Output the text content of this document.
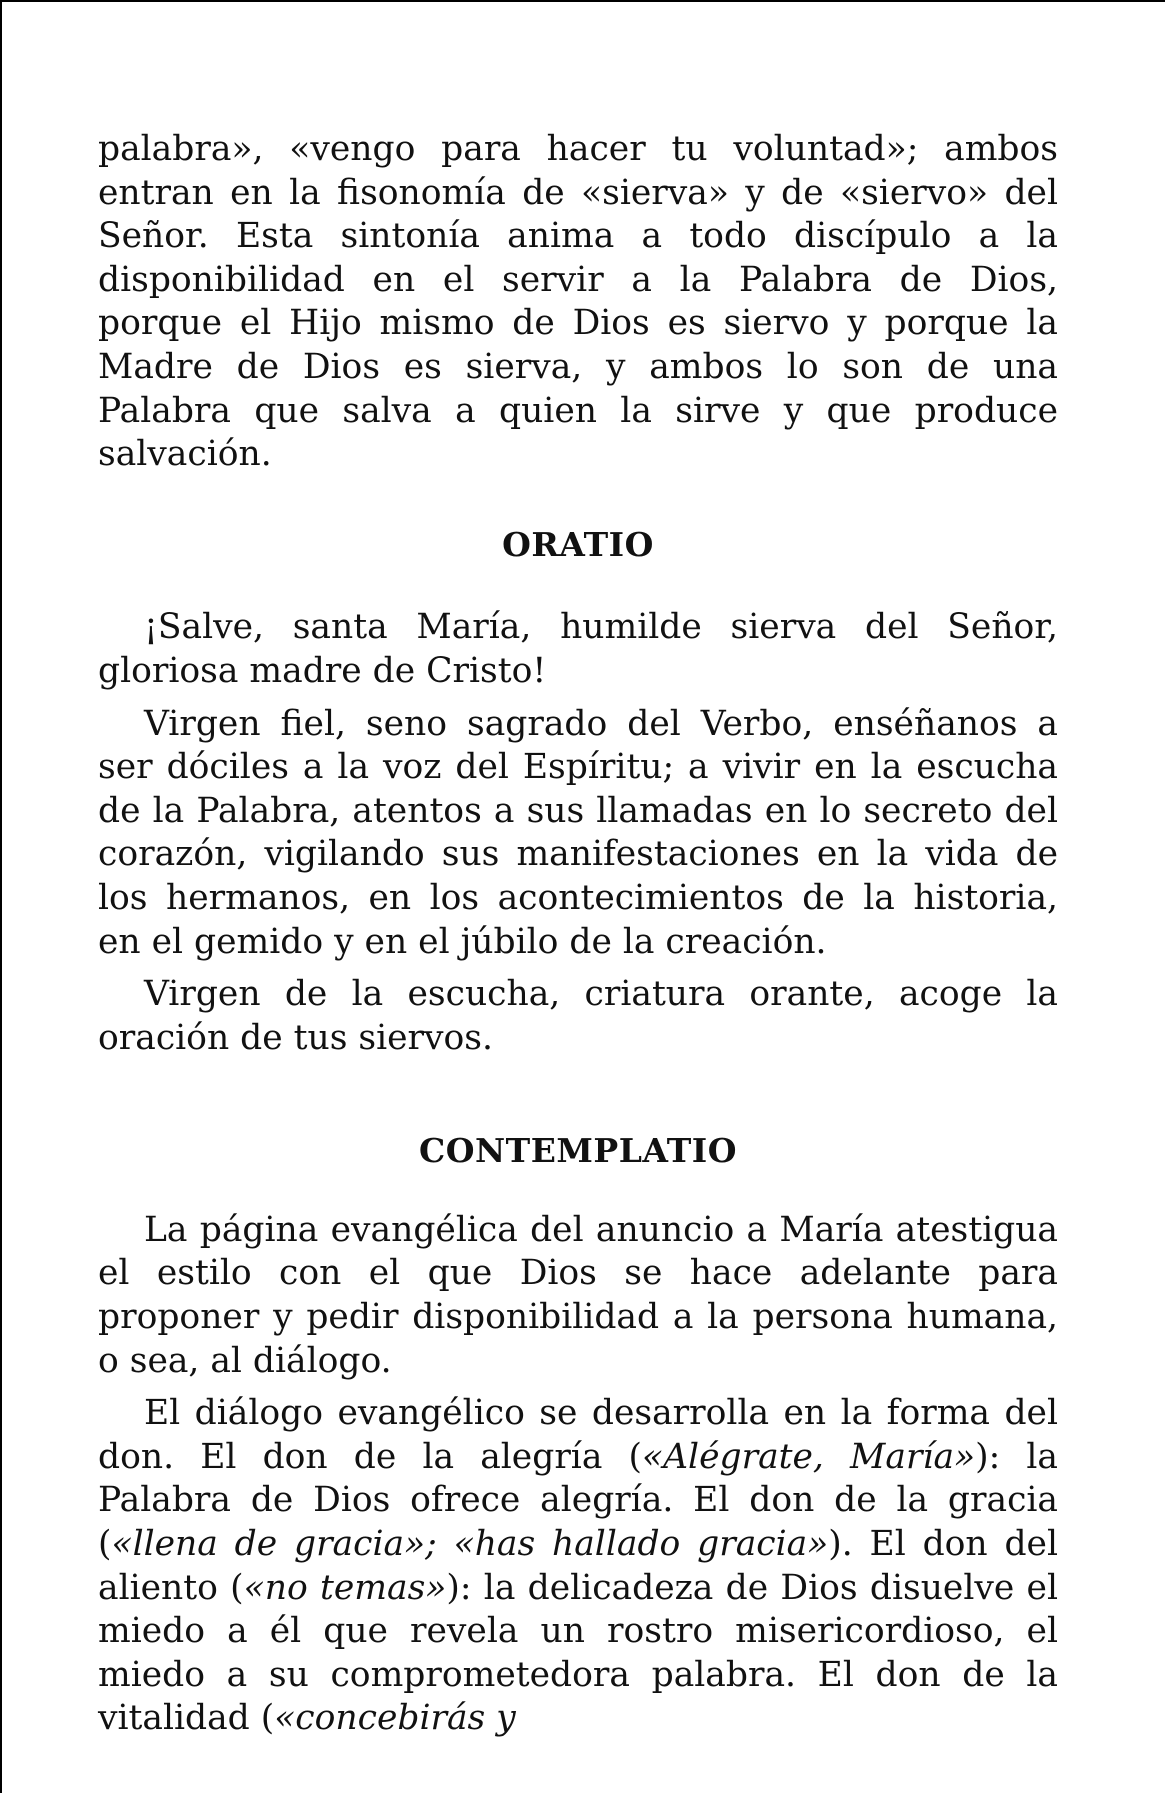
palabra», «vengo para hacer tu voluntad»; ambos entran en la fisonomía de «sierva» y de «siervo» del Señor. Esta sintonía anima a todo discípulo a la disponibilidad en el servir a la Palabra de Dios, porque el Hijo mismo de Dios es siervo y porque la Madre de Dios es sierva, y ambos lo son de una Palabra que salva a quien la sirve y que produce salvación.

ORATIO

¡Salve, santa María, humilde sierva del Señor, gloriosa madre de Cristo!

Virgen fiel, seno sagrado del Verbo, enséñanos a ser dóciles a la voz del Espíritu; a vivir en la escucha de la Palabra, atentos a sus llamadas en lo secreto del corazón, vigilando sus manifestaciones en la vida de los hermanos, en los acontecimientos de la historia, en el gemido y en el júbilo de la creación.

Virgen de la escucha, criatura orante, acoge la oración de tus siervos.

CONTEMPLATIO

La página evangélica del anuncio a María atestigua el estilo con el que Dios se hace adelante para proponer y pedir disponibilidad a la persona humana, o sea, al diálogo.

El diálogo evangélico se desarrolla en la forma del don. El don de la alegría («Alégrate, María»): la Palabra de Dios ofrece alegría. El don de la gracia («llena de gracia»; «has hallado gracia»). El don del aliento («no temas»): la delicadeza de Dios disuelve el miedo a él que revela un rostro misericordioso, el miedo a su comprometedora palabra. El don de la vitalidad («concebirás y
